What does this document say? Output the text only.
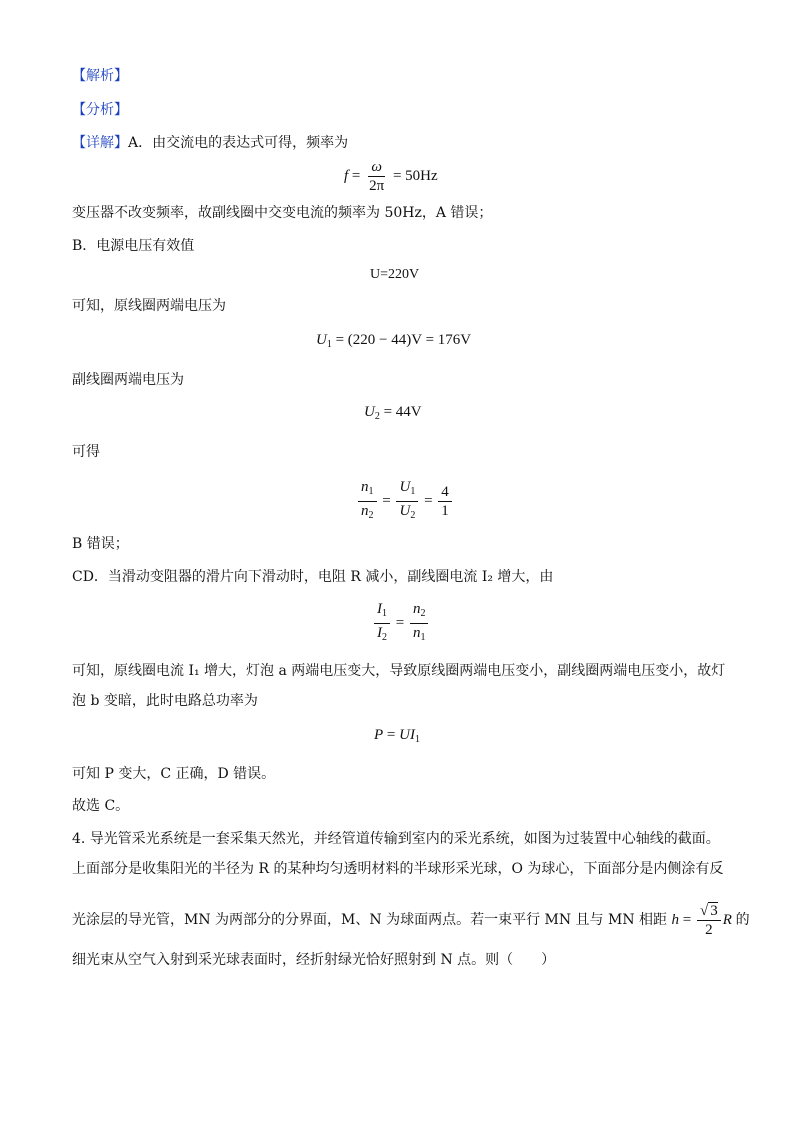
【解析】
【分析】
【详解】A．由交流电的表达式可得，频率为
$f = \frac{\omega}{2\pi} = 50Hz$
变压器不改变频率，故副线圈中交变电流的频率为 50Hz，A 错误；
B．电源电压有效值
U=220V
可知，原线圈两端电压为
$U_1 = (220 - 44)V = 176V$
副线圈两端电压为
$U_2 = 44V$
可得
$\frac{n_1}{n_2} = \frac{U_1}{U_2} = \frac{4}{1}$
B 错误；
CD．当滑动变阻器的滑片向下滑动时，电阻 R 减小，副线圈电流 I₂ 增大，由
$\frac{I_1}{I_2} = \frac{n_2}{n_1}$
可知，原线圈电流 I₁ 增大，灯泡 a 两端电压变大，导致原线圈两端电压变小，副线圈两端电压变小，故灯
泡 b 变暗，此时电路总功率为
$P = UI_1$
可知 P 变大，C 正确，D 错误。
故选 C。
4. 导光管采光系统是一套采集天然光，并经管道传输到室内的采光系统，如图为过装置中心轴线的截面。
上面部分是收集阳光的半径为 R 的某种均匀透明材料的半球形采光球，O 为球心，下面部分是内侧涂有反
光涂层的导光管，MN 为两部分的分界面，M、N 为球面两点。若一束平行 MN 且与 MN 相距 $h = \frac{√ 3}{2}$ R 的
细光束从空气入射到采光球表面时，经折射绿光恰好照射到 N 点。则（　　）
